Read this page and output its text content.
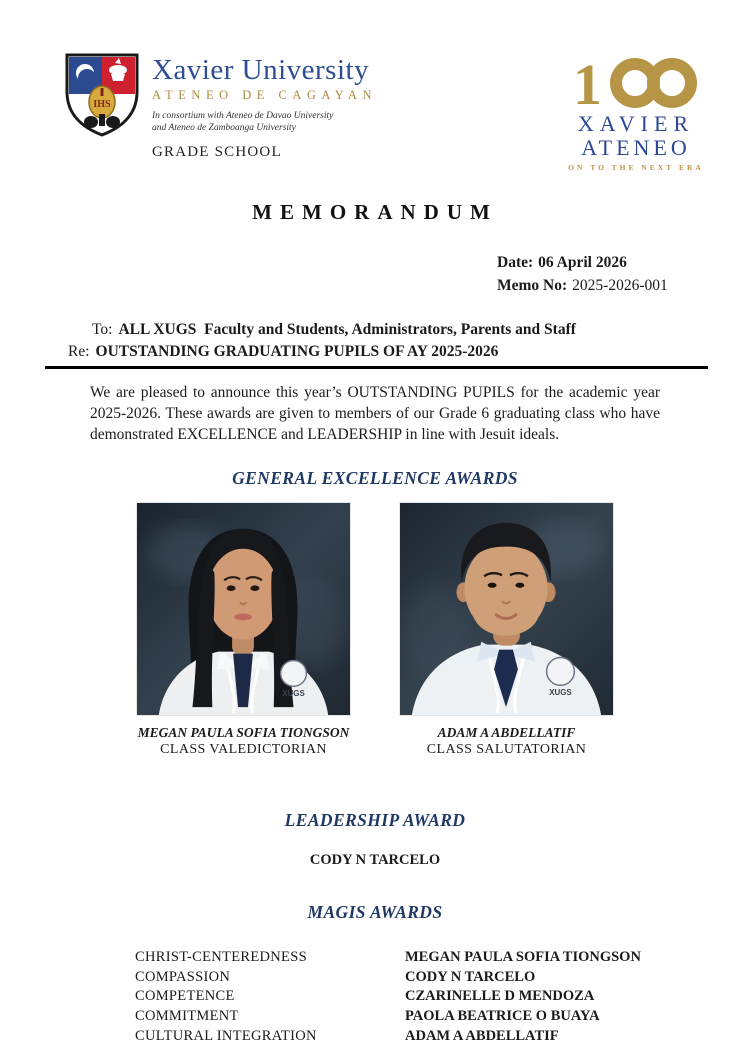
IHS
Xavier University
ATENEO DE CAGAYAN
In consortium with Ateneo de Davao University
and Ateneo de Zamboanga University
GRADE SCHOOL
1
XAVIER
ATENEO
ON TO THE NEXT ERA
MEMORANDUM
Date: 06 April 2026
Memo No: 2025-2026-001
To: ALL XUGS  Faculty and Students, Administrators, Parents and Staff
Re: OUTSTANDING GRADUATING PUPILS OF AY 2025-2026

We are pleased to announce this year’s OUTSTANDING PUPILS for the academic year 2025-2026. These awards are given to members of our Grade 6 graduating class who have demonstrated EXCELLENCE and LEADERSHIP in line with Jesuit ideals.

GENERAL EXCELLENCE AWARDS
XUGS
MEGAN PAULA SOFIA TIONGSON
CLASS VALEDICTORIAN
XUGS
ADAM A ABDELLATIF
CLASS SALUTATORIAN
LEADERSHIP AWARD
CODY N TARCELO
MAGIS AWARDS
CHRIST-CENTEREDNESS	MEGAN PAULA SOFIA TIONGSON
COMPASSION	CODY N TARCELO
COMPETENCE	CZARINELLE D MENDOZA
COMMITMENT	PAOLA BEATRICE O BUAYA
CULTURAL INTEGRATION	ADAM A ABDELLATIF
